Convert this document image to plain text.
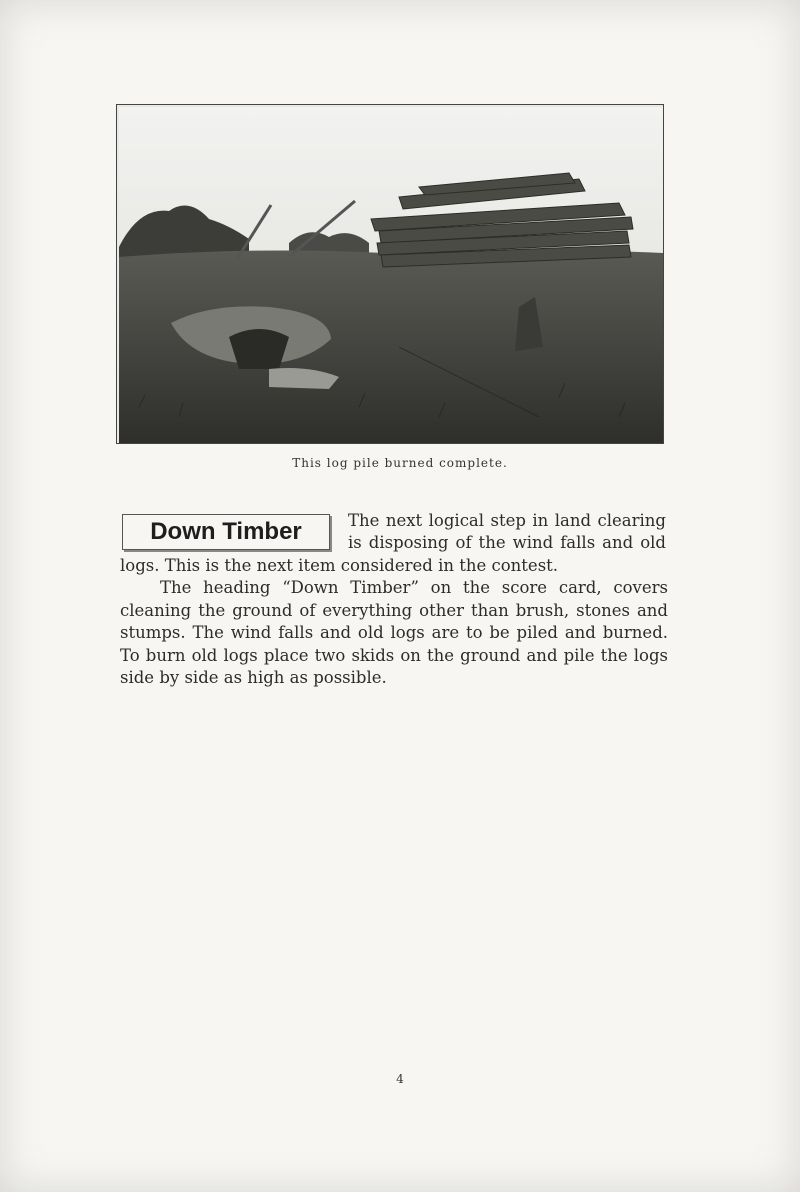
This log pile burned complete.
Down Timber	The next logical step in land clearing
is disposing of the wind falls and old
logs. This is the next item considered in the contest.
The heading “Down Timber” on the score card, covers cleaning the ground of everything other than brush, stones and stumps. The wind falls and old logs are to be piled and burned. To burn old logs place two skids on the ground and pile the logs side by side as high as possible.
4
